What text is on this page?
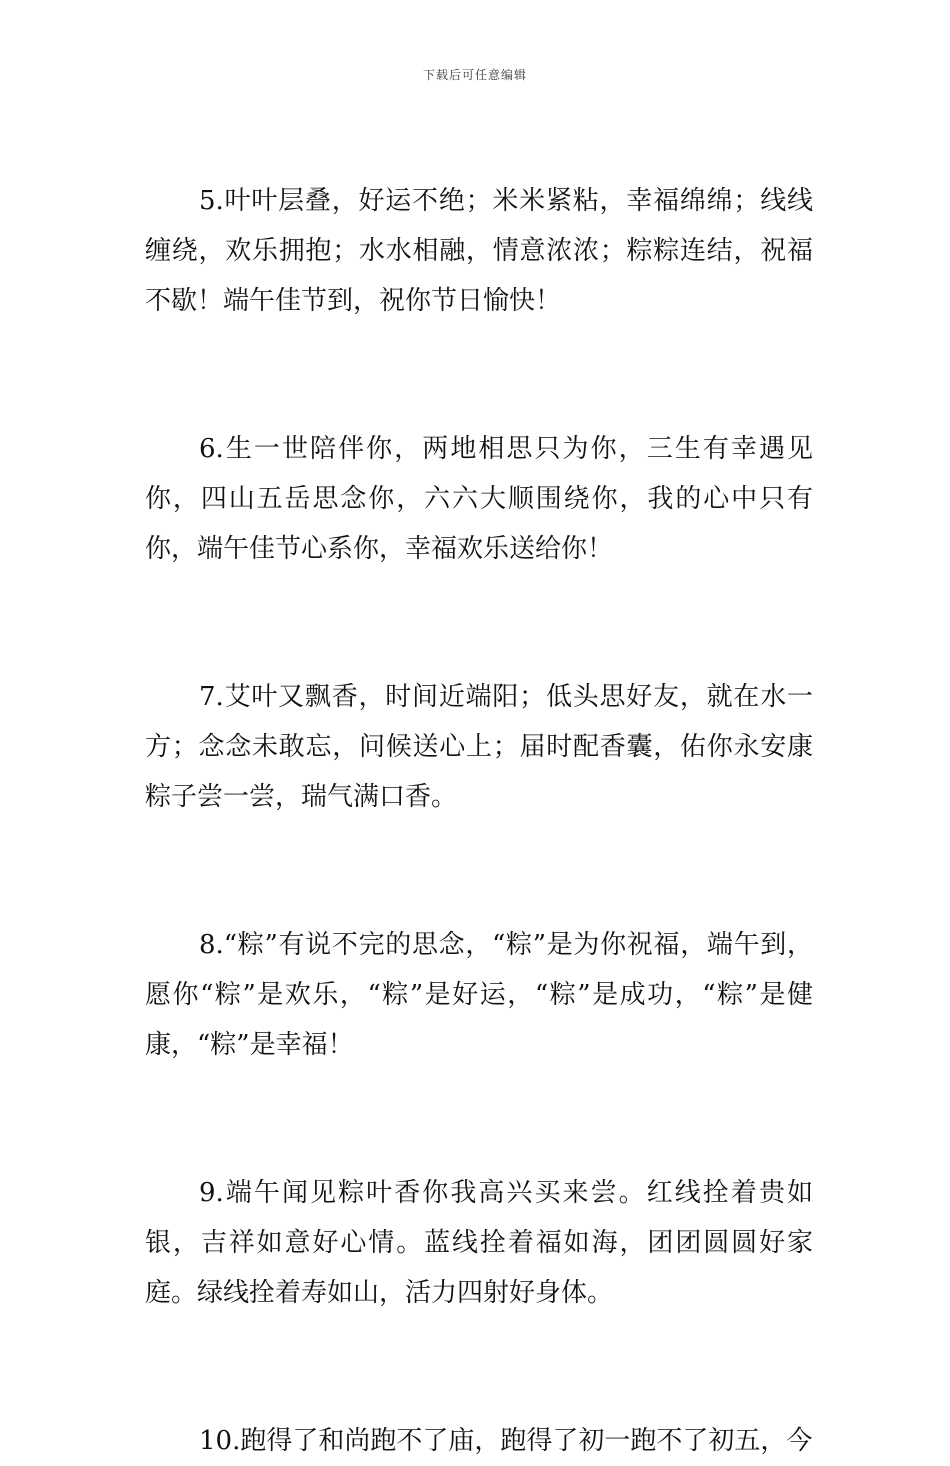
下载后可任意编辑

5.叶叶层叠，好运不绝；米米紧粘，幸福绵绵；线线缠绕，欢乐拥抱；水水相融，情意浓浓；粽粽连结，祝福不歇！端午佳节到，祝你节日愉快！

6.生一世陪伴你，两地相思只为你，三生有幸遇见你，四山五岳思念你，六六大顺围绕你，我的心中只有你，端午佳节心系你，幸福欢乐送给你！

7.艾叶又飘香，时间近端阳；低头思好友，就在水一方；念念未敢忘，问候送心上；届时配香囊，佑你永安康粽子尝一尝，瑞气满口香。

8.“粽”有说不完的思念，“粽”是为你祝福，端午到，愿你“粽”是欢乐，“粽”是好运，“粽”是成功，“粽”是健康，“粽”是幸福！

9.端午闻见粽叶香你我高兴买来尝。红线拴着贵如银，吉祥如意好心情。蓝线拴着福如海，团团圆圆好家庭。绿线拴着寿如山，活力四射好身体。

10.跑得了和尚跑不了庙，跑得了初一跑不了初五，今
